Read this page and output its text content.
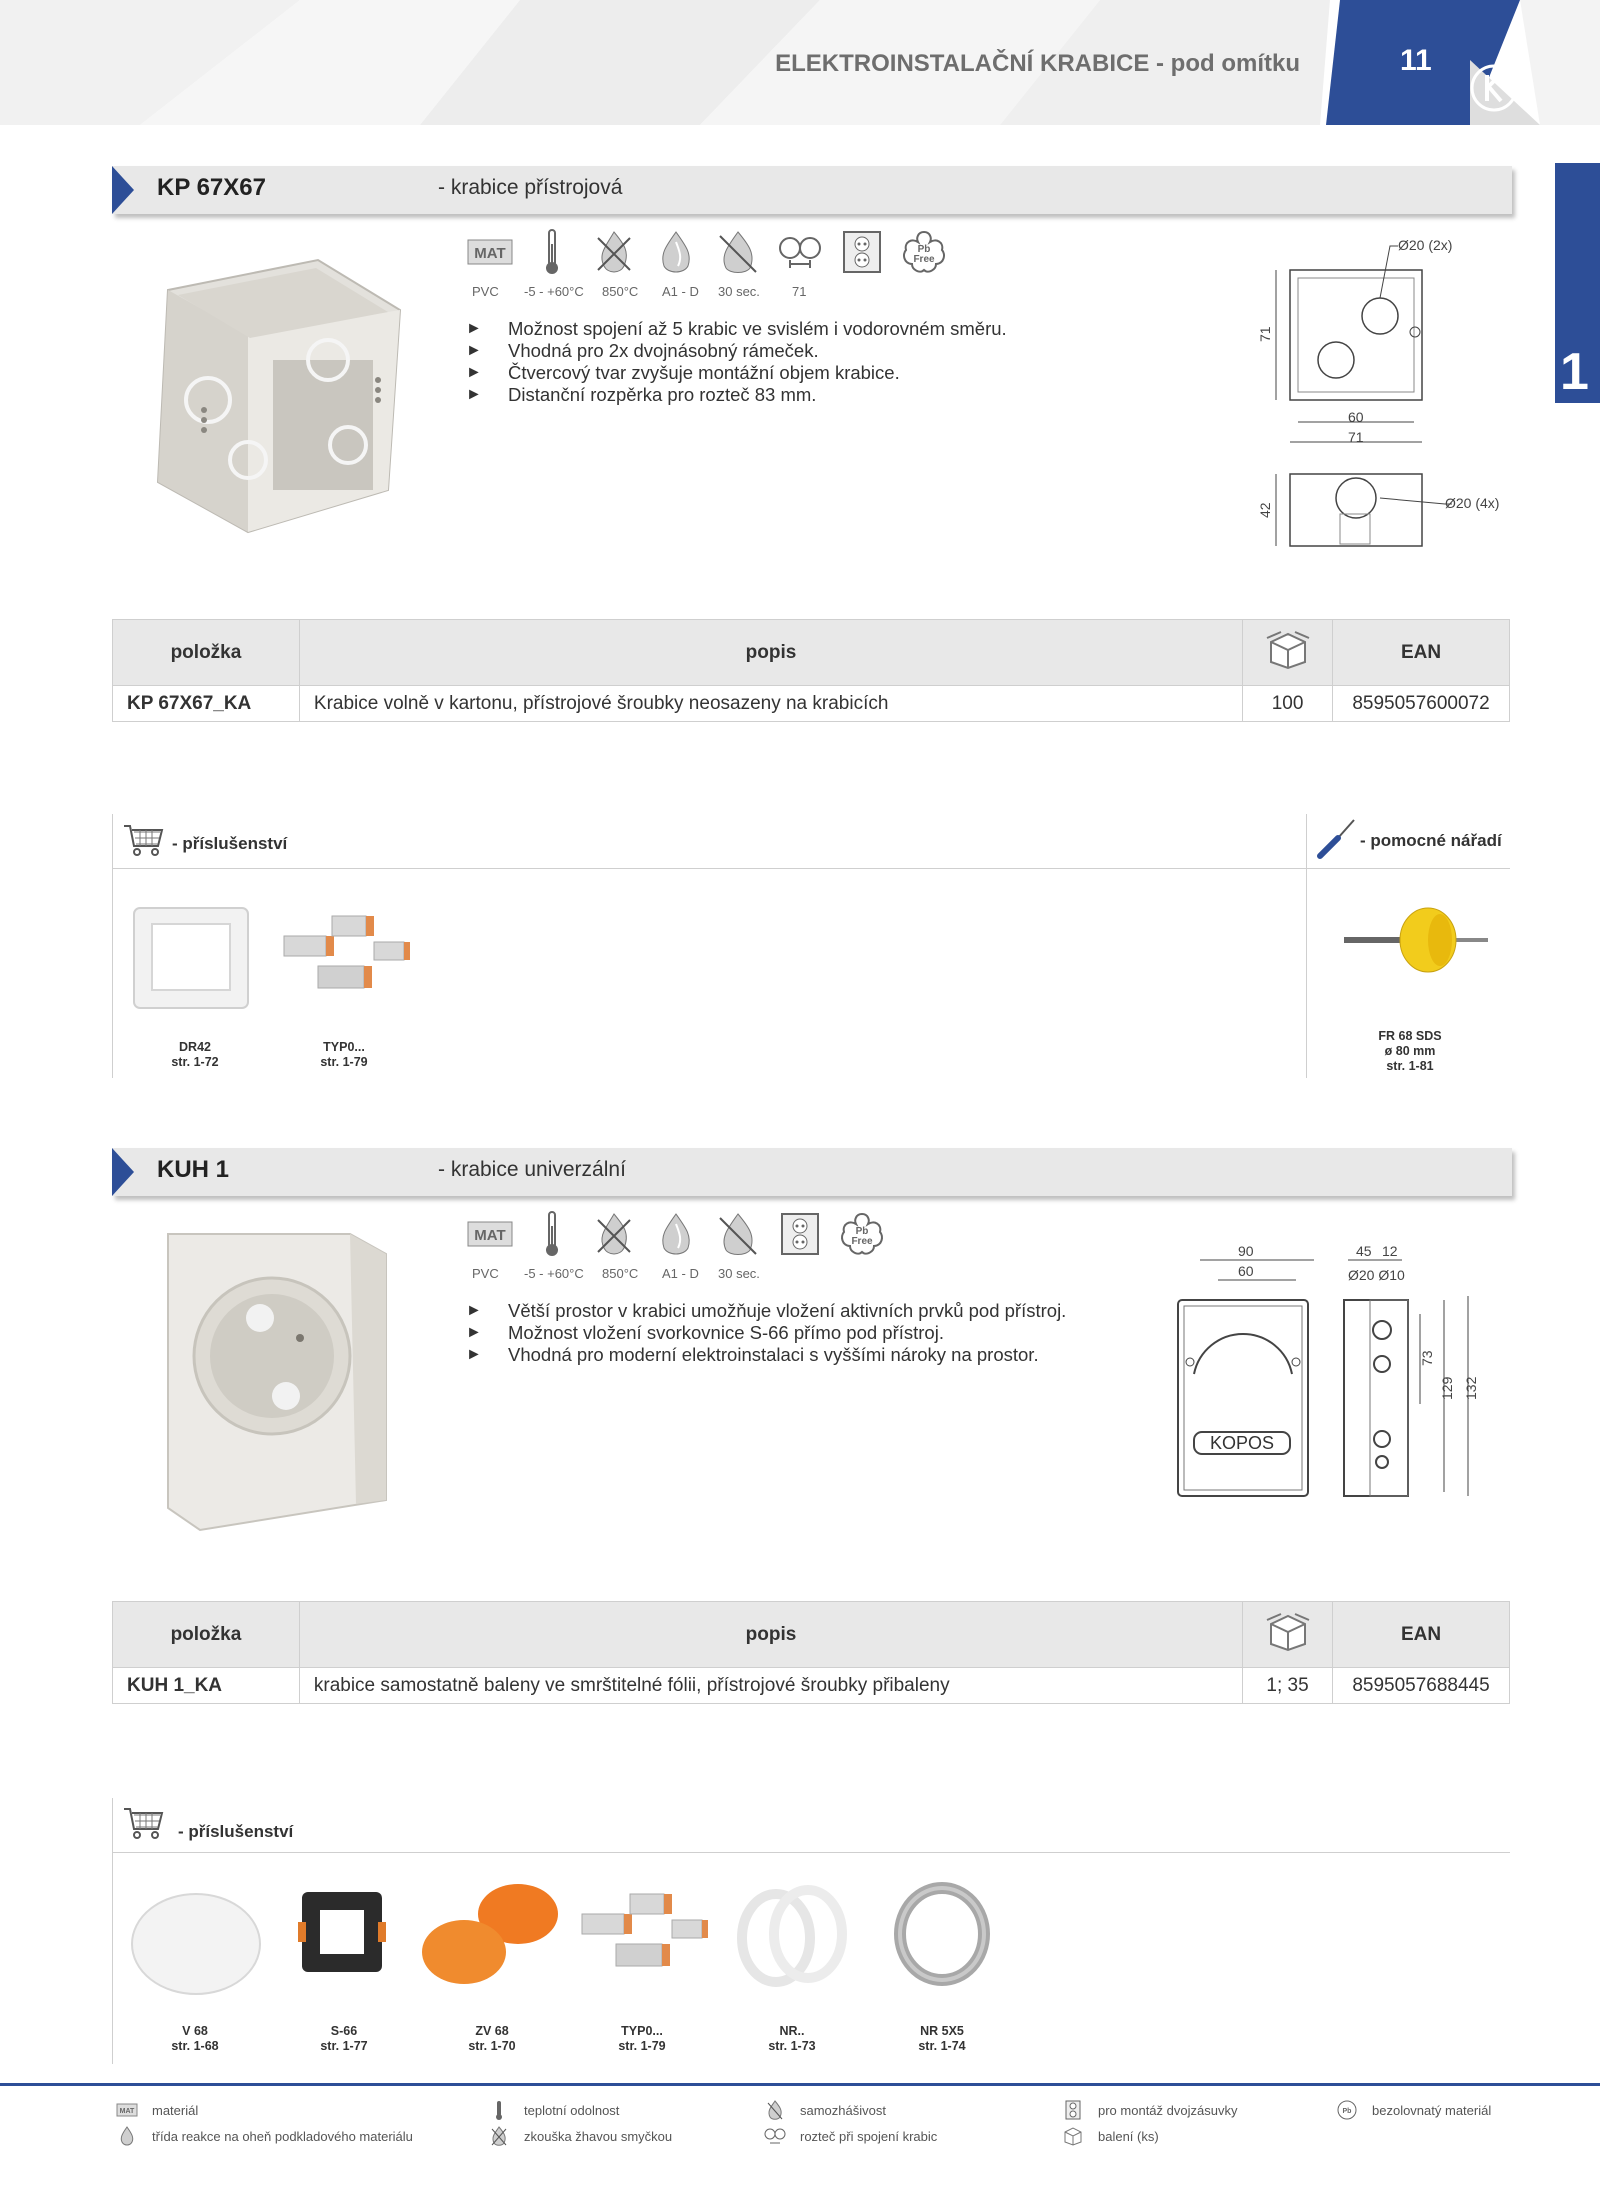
ELEKTROINSTALAČNÍ KRABICE - pod omítku	11
1
KP 67X67	- krabice přístrojová
MAT	Pb
Free
PVC -5 - +60°C 850°C A1 - D 30 sec. 71
► Možnost spojení až 5 krabic ve svislém i vodorovném směru.
► Vhodná pro 2x dvojnásobný rámeček.
► Čtvercový tvar zvyšuje montážní objem krabice.
► Distanční rozpěrka pro rozteč 83 mm.
Ø20 (2x)
71
60
71
Ø20 (4x)
42
položka	popis		EAN
KP 67X67_KA	Krabice volně v kartonu, přístrojové šroubky neosazeny na krabicích	100	8595057600072
- příslušenství	- pomocné nářadí
DR42
str. 1-72
TYP0...
str. 1-79
FR 68 SDS
ø 80 mm
str. 1-81
KUH 1	- krabice univerzální
MAT	Pb
Free
PVC -5 - +60°C 850°C A1 - D 30 sec.
► Větší prostor v krabici umožňuje vložení aktivních prvků pod přístroj.
► Možnost vložení svorkovnice S-66 přímo pod přístroj.
► Vhodná pro moderní elektroinstalaci s vyššími nároky na prostor.
90
60
KOPOS
45 12
Ø20 Ø10
73
129 132
položka	popis		EAN
KUH 1_KA	krabice samostatně baleny ve smrštitelné fólii, přístrojové šroubky přibaleny	1; 35	8595057688445
- příslušenství
V 68
str. 1-68
S-66
str. 1-77
ZV 68
str. 1-70
TYP0...
str. 1-79
NR..
str. 1-73
NR 5X5
str. 1-74
MAT materiál	teplotní odolnost	samozhášivost	pro montáž dvojzásuvky	Pb bezolovnatý materiál
třída reakce na oheň podkladového materiálu	zkouška žhavou smyčkou	rozteč při spojení krabic	balení (ks)
